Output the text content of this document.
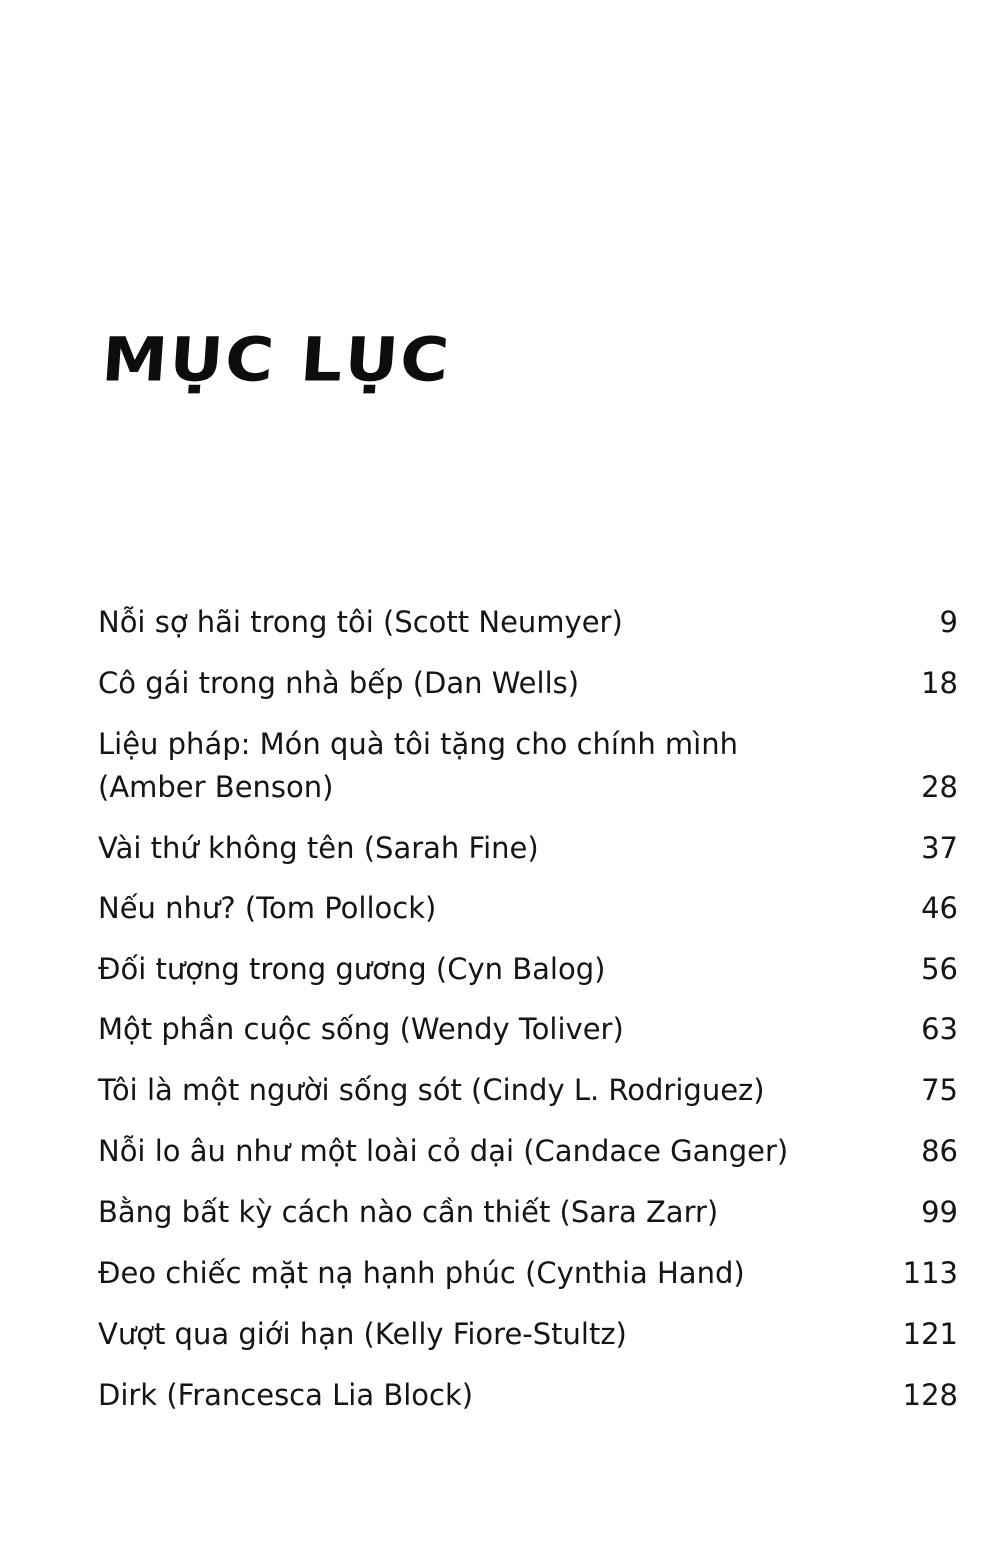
MỤC LỤC
Nỗi sợ hãi trong tôi (Scott Neumyer)	9
Cô gái trong nhà bếp (Dan Wells)	18
Liệu pháp: Món quà tôi tặng cho chính mình (Amber Benson)	28
Vài thứ không tên (Sarah Fine)	37
Nếu như? (Tom Pollock)	46
Đối tượng trong gương (Cyn Balog)	56
Một phần cuộc sống (Wendy Toliver)	63
Tôi là một người sống sót (Cindy L. Rodriguez)	75
Nỗi lo âu như một loài cỏ dại (Candace Ganger)	86
Bằng bất kỳ cách nào cần thiết (Sara Zarr)	99
Đeo chiếc mặt nạ hạnh phúc (Cynthia Hand)	113
Vượt qua giới hạn (Kelly Fiore-Stultz)	121
Dirk (Francesca Lia Block)	128
